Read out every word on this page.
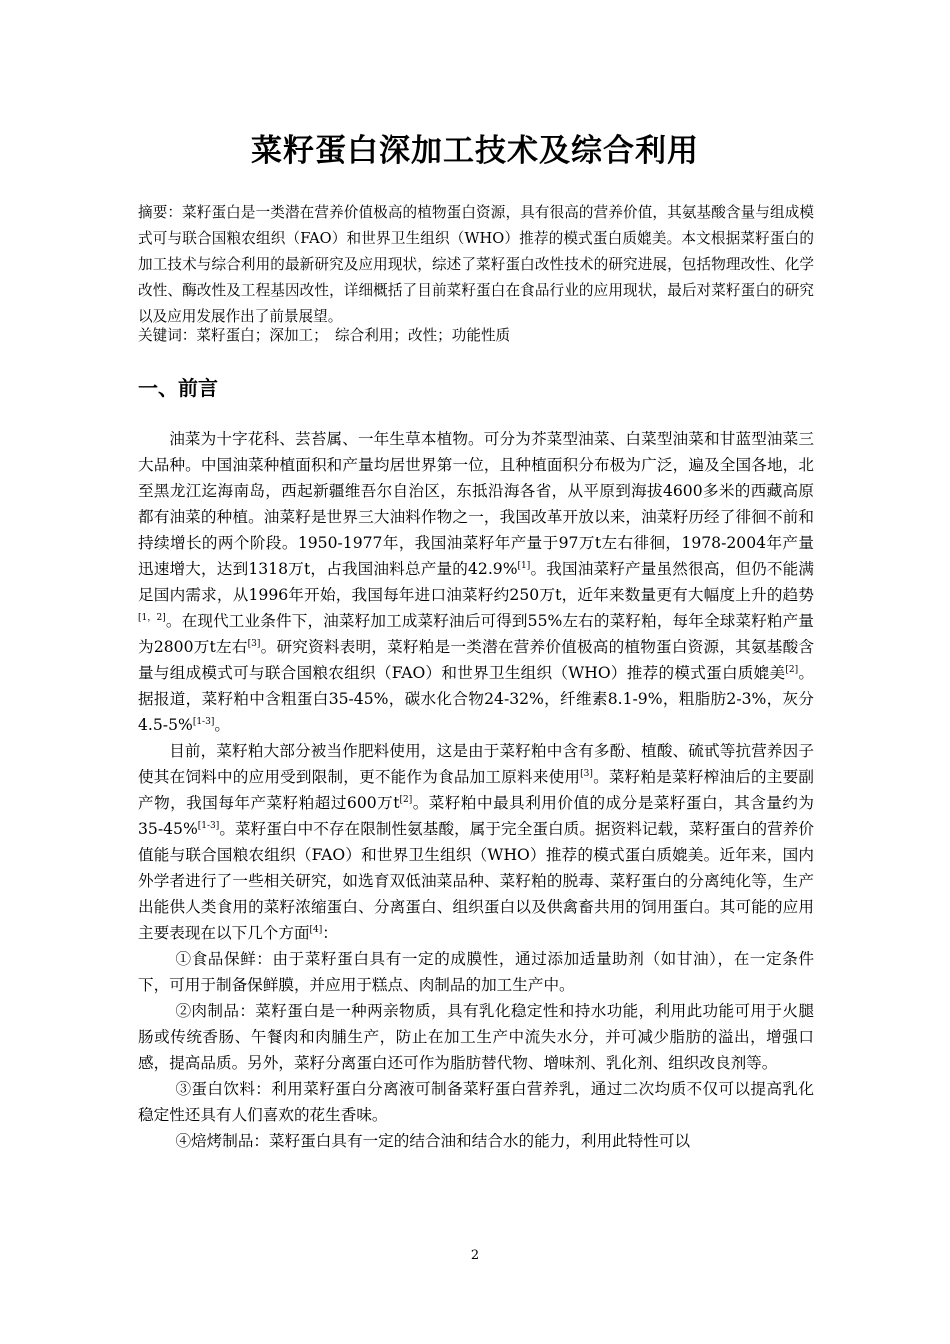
菜籽蛋白深加工技术及综合利用

摘要：菜籽蛋白是一类潜在营养价值极高的植物蛋白资源，具有很高的营养价值，其氨基酸含量与组成模式可与联合国粮农组织（FAO）和世界卫生组织（WHO）推荐的模式蛋白质媲美。本文根据菜籽蛋白的加工技术与综合利用的最新研究及应用现状，综述了菜籽蛋白改性技术的研究进展，包括物理改性、化学改性、酶改性及工程基因改性，详细概括了目前菜籽蛋白在食品行业的应用现状，最后对菜籽蛋白的研究以及应用发展作出了前景展望。

关键词：菜籽蛋白；深加工；　综合利用；改性；功能性质

一、前言

油菜为十字花科、芸苔属、一年生草本植物。可分为芥菜型油菜、白菜型油菜和甘蓝型油菜三大品种。中国油菜种植面积和产量均居世界第一位，且种植面积分布极为广泛，遍及全国各地，北至黑龙江迄海南岛，西起新疆维吾尔自治区，东抵沿海各省，从平原到海拔4600多米的西藏高原都有油菜的种植。油菜籽是世界三大油料作物之一，我国改革开放以来，油菜籽历经了徘徊不前和持续增长的两个阶段。1950-1977年，我国油菜籽年产量于97万t左右徘徊，1978-2004年产量迅速增大，达到1318万t，占我国油料总产量的42.9%[1]。我国油菜籽产量虽然很高，但仍不能满足国内需求，从1996年开始，我国每年进口油菜籽约250万t，近年来数量更有大幅度上升的趋势[1，2]。在现代工业条件下，油菜籽加工成菜籽油后可得到55%左右的菜籽粕，每年全球菜籽粕产量为2800万t左右[3]。研究资料表明，菜籽粕是一类潜在营养价值极高的植物蛋白资源，其氨基酸含量与组成模式可与联合国粮农组织（FAO）和世界卫生组织（WHO）推荐的模式蛋白质媲美[2]。据报道，菜籽粕中含粗蛋白35-45%，碳水化合物24-32%，纤维素8.1-9%，粗脂肪2-3%，灰分4.5-5%[1-3]。

目前，菜籽粕大部分被当作肥料使用，这是由于菜籽粕中含有多酚、植酸、硫甙等抗营养因子使其在饲料中的应用受到限制，更不能作为食品加工原料来使用[3]。菜籽粕是菜籽榨油后的主要副产物，我国每年产菜籽粕超过600万t[2]。菜籽粕中最具利用价值的成分是菜籽蛋白，其含量约为35-45%[1-3]。菜籽蛋白中不存在限制性氨基酸，属于完全蛋白质。据资料记载，菜籽蛋白的营养价值能与联合国粮农组织（FAO）和世界卫生组织（WHO）推荐的模式蛋白质媲美。近年来，国内外学者进行了一些相关研究，如选育双低油菜品种、菜籽粕的脱毒、菜籽蛋白的分离纯化等，生产出能供人类食用的菜籽浓缩蛋白、分离蛋白、组织蛋白以及供禽畜共用的饲用蛋白。其可能的应用主要表现在以下几个方面[4]：

①食品保鲜：由于菜籽蛋白具有一定的成膜性，通过添加适量助剂（如甘油），在一定条件下，可用于制备保鲜膜，并应用于糕点、肉制品的加工生产中。

②肉制品：菜籽蛋白是一种两亲物质，具有乳化稳定性和持水功能，利用此功能可用于火腿肠或传统香肠、午餐肉和肉脯生产，防止在加工生产中流失水分，并可减少脂肪的溢出，增强口感，提高品质。另外，菜籽分离蛋白还可作为脂肪替代物、增味剂、乳化剂、组织改良剂等。

③蛋白饮料：利用菜籽蛋白分离液可制备菜籽蛋白营养乳，通过二次均质不仅可以提高乳化稳定性还具有人们喜欢的花生香味。

④焙烤制品：菜籽蛋白具有一定的结合油和结合水的能力，利用此特性可以

2
